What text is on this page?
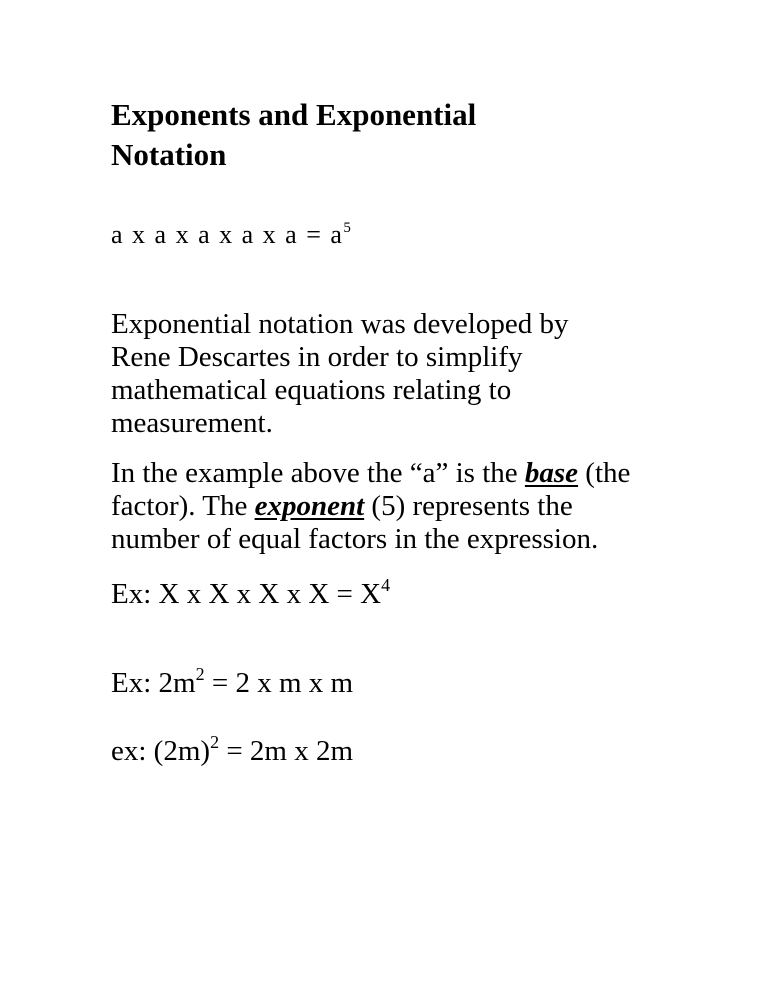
Exponents and Exponential
Notation

a x a x a x a x $a = a^5$

Exponential notation was developed by
Rene Descartes in order to simplify
mathematical equations relating to
measurement.

In the example above the “a” is the base (the
factor). The exponent (5) represents the
number of equal factors in the expression.

Ex: X x X x X x $X = X^4$

Ex: $2m^2 = 2$ x m x m

ex: $(2m)^2 = 2m$ x 2m
